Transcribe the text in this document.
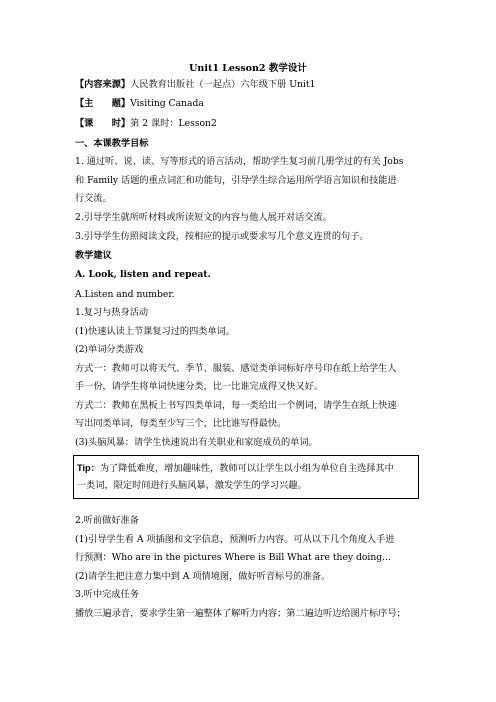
Unit1 Lesson2 教学设计
【内容来源】人民教育出版社（一起点）六年级下册 Unit1
【主　　题】Visiting Canada
【课　　时】第 2 课时：Lesson2
一、本课教学目标
1. 通过听、说、读、写等形式的语言活动，帮助学生复习前几册学过的有关 Jobs
和 Family 话题的重点词汇和功能句，引导学生综合运用所学语言知识和技能进
行交流。
2.引导学生就所听材料或所读短文的内容与他人展开对话交流。
3.引导学生仿照阅读文段，按相应的提示或要求写几个意义连贯的句子。
教学建议
A. Look, listen and repeat.
A.Listen and number.
1.复习与热身活动
(1)快速认读上节课复习过的四类单词。
(2)单词分类游戏
方式一：教师可以将天气、季节、服装、感觉类单词标好序号印在纸上给学生人
手一份，请学生将单词快速分类，比一比谁完成得又快又好。
方式二：教师在黑板上书写四类单词，每一类给出一个例词，请学生在纸上快速
写出同类单词，每类至少写三个，比比谁写得最快。
(3)头脑风暴：请学生快速说出有关职业和家庭成员的单词。
Tip：为了降低难度，增加趣味性，教师可以让学生以小组为单位自主选择其中
一类词，限定时间进行头脑风暴，激发学生的学习兴趣。
2.听前做好准备
(1)引导学生看 A 项插图和文字信息，预测听力内容。可从以下几个角度入手进
行预测：Who are in the pictures Where is Bill What are they doing...
(2)请学生把注意力集中到 A 项情境图，做好听音标号的准备。
3.听中完成任务
播放三遍录音，要求学生第一遍整体了解听力内容；第二遍边听边给图片标序号；
